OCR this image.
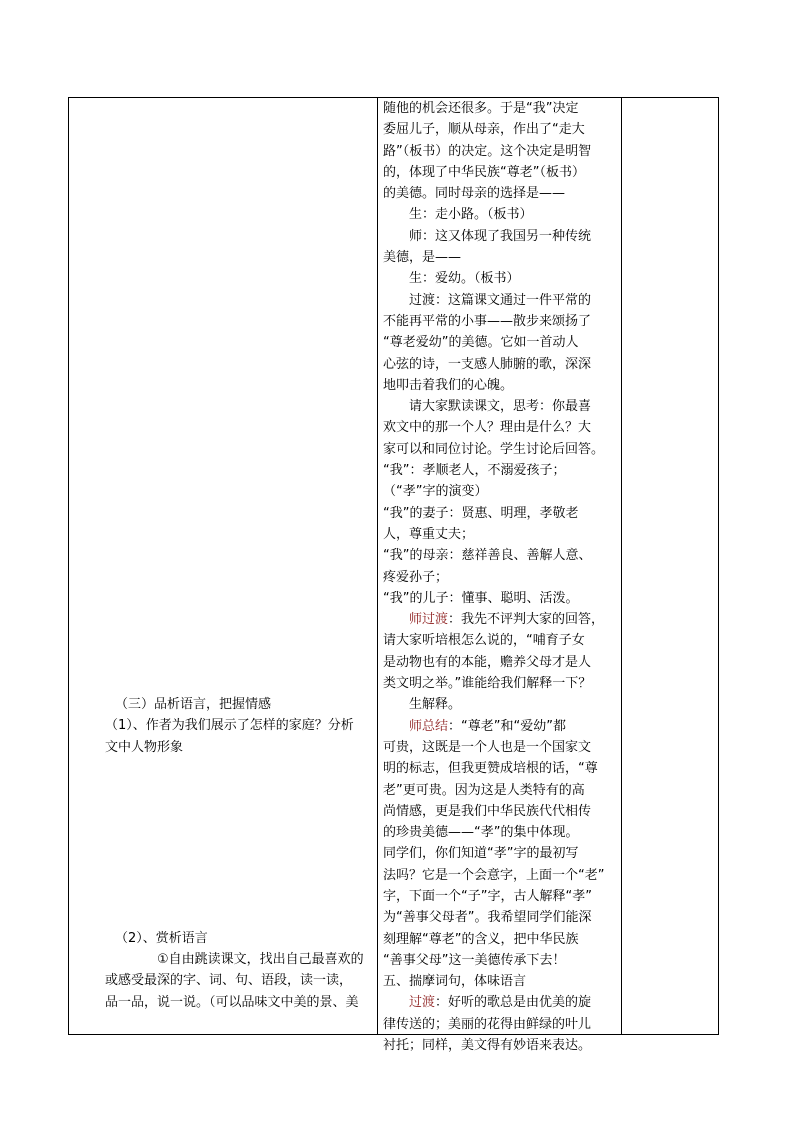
（三）品析语言，把握情感
（1）、作者为我们展示了怎样的家庭？分析
文中人物形象
（2）、赏析语言
①自由跳读课文，找出自己最喜欢的
或感受最深的字、词、句、语段，读一读，
品一品，说一说。（可以品味文中美的景、美
随他的机会还很多。于是“我”决定
委屈儿子，顺从母亲，作出了“走大
路”（板书）的决定。这个决定是明智
的，体现了中华民族“尊老”（板书）
的美德。同时母亲的选择是——
生：走小路。（板书）
师：这又体现了我国另一种传统
美德，是——
生：爱幼。（板书）
过渡：这篇课文通过一件平常的
不能再平常的小事——散步来颂扬了
“尊老爱幼”的美德。它如一首动人
心弦的诗，一支感人肺腑的歌，深深
地叩击着我们的心魄。
请大家默读课文，思考：你最喜
欢文中的那一个人？理由是什么？大
家可以和同位讨论。学生讨论后回答。
“我”：孝顺老人，不溺爱孩子；
（“孝”字的演变）
“我”的妻子：贤惠、明理，孝敬老
人，尊重丈夫；
“我”的母亲：慈祥善良、善解人意、
疼爱孙子；
“我”的儿子：懂事、聪明、活泼。
师过渡：我先不评判大家的回答，
请大家听培根怎么说的，“哺育子女
是动物也有的本能，赡养父母才是人
类文明之举。”谁能给我们解释一下？
生解释。
师总结：“尊老”和“爱幼”都
可贵，这既是一个人也是一个国家文
明的标志，但我更赞成培根的话，“尊
老”更可贵。因为这是人类特有的高
尚情感，更是我们中华民族代代相传
的珍贵美德——“孝”的集中体现。
同学们，你们知道“孝”字的最初写
法吗？它是一个会意字，上面一个“老”
字，下面一个“子”字，古人解释“孝”
为“善事父母者”。我希望同学们能深
刻理解“尊老”的含义，把中华民族
“善事父母”这一美德传承下去！
五、揣摩词句，体味语言
过渡：好听的歌总是由优美的旋
律传送的；美丽的花得由鲜绿的叶儿
衬托；同样，美文得有妙语来表达。
